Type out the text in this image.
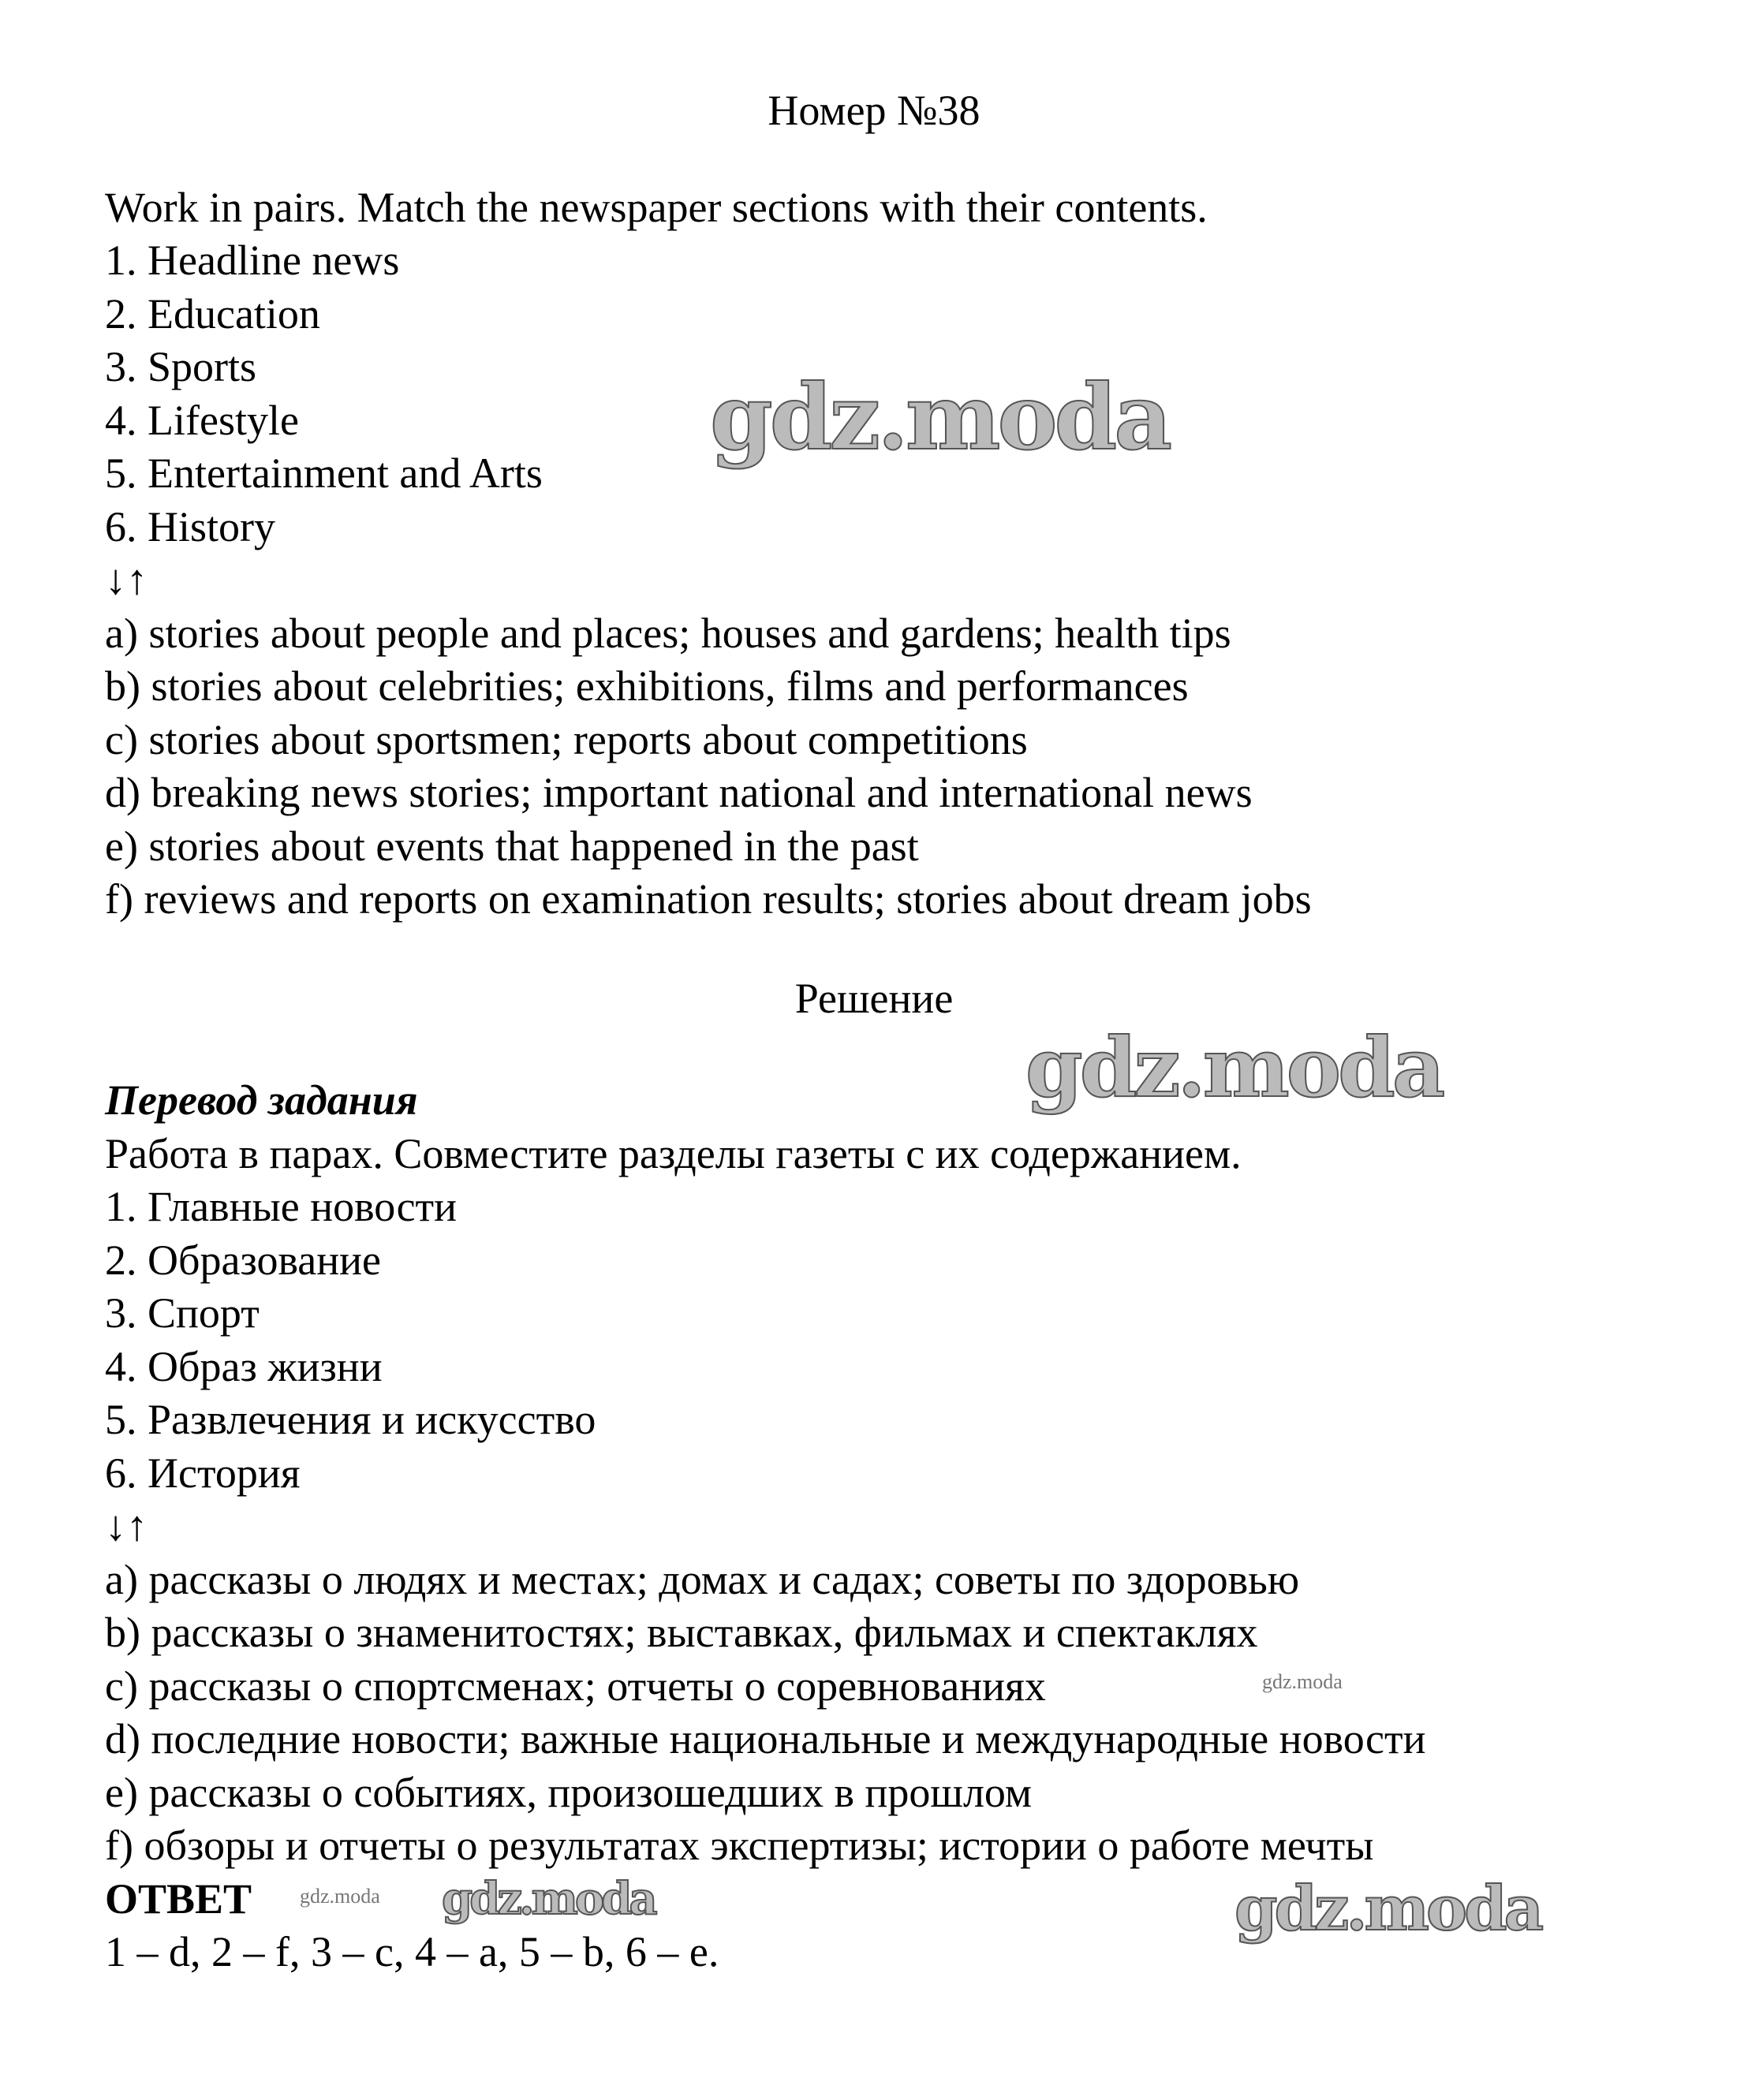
Номер №38
Work in pairs. Match the newspaper sections with their contents.
1. Headline news
2. Education
3. Sports
4. Lifestyle
5. Entertainment and Arts
6. History
↓↑
a) stories about people and places; houses and gardens; health tips
b) stories about celebrities; exhibitions, films and performances
c) stories about sportsmen; reports about competitions
d) breaking news stories; important national and international news
e) stories about events that happened in the past
f) reviews and reports on examination results; stories about dream jobs
Решение
Перевод задания
Работа в парах. Совместите разделы газеты с их содержанием.
1. Главные новости
2. Образование
3. Спорт
4. Образ жизни
5. Развлечения и искусство
6. История
↓↑
a) рассказы о людях и местах; домах и садах; советы по здоровью
b) рассказы о знаменитостях; выставках, фильмах и спектаклях
c) рассказы о спортсменах; отчеты о соревнованиях
d) последние новости; важные национальные и международные новости
e) рассказы о событиях, произошедших в прошлом
f) обзоры и отчеты о результатах экспертизы; истории о работе мечты
ОТВЕТ
1 – d, 2 – f, 3 – c, 4 – a, 5 – b, 6 – e.
gdz.moda
gdz.moda
gdz.moda	gdz.moda
gdz.moda
gdz.moda
